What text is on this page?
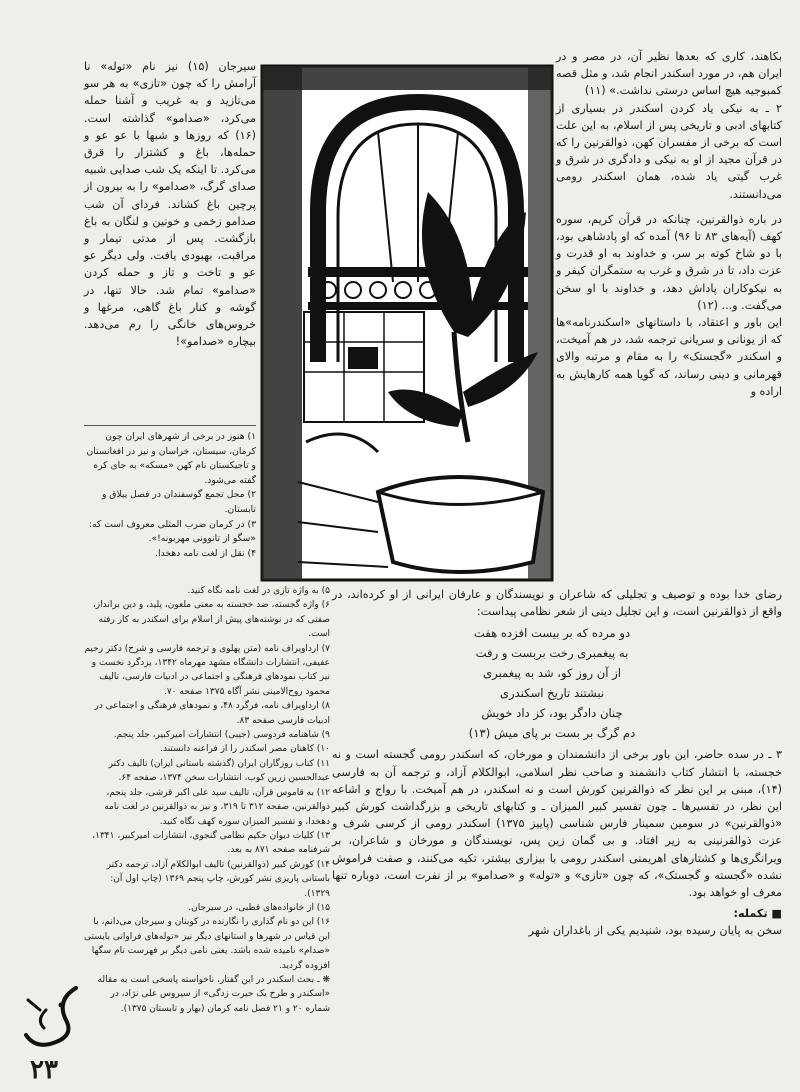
بکاهند، کاری که بعدها نظیر آن، در مصر و در ایران هم، در مورد اسکندر انجام شد، و مثل قصه کمبوجیه هیچ اساس درستی نداشت.» (۱۱)

۲ ـ به نیکی یاد کردن اسکندر در بسیاری از کتابهای ادبی و تاریخی پس از اسلام، به این علت است که برخی از مفسران کهن، ذوالقرنین را که در قرآن مجید از او به نیکی و دادگری در شرق و غرب گیتی یاد شده، همان اسکندر رومی می‌دانستند.

در باره ذوالقرنین، چنانکه در قرآن کریم، سوره کهف (آیه‌های ۸۳ تا ۹۶) آمده که او پادشاهی بود، با دو شاخ کوته بر سر، و خداوند به او قدرت و عزت داد، تا در شرق و غرب به ستمگران کیفر و به نیکوکاران پاداش دهد، و خداوند با او سخن می‌گفت. و... (۱۲)

این باور و اعتقاد، با داستانهای «اسکندرنامه»ها که از یونانی و سریانی ترجمه شد، در هم آمیخت، و اسکندر «گجستک» را به مقام و مرتبه والای قهرمانی و دینی رساند، که گویا همه کارهایش به اراده و

سیرجان (۱۵) نیز نام «توله» نا آرامش را که چون «تازی» به هر سو می‌تازید و به غریب و آشنا حمله می‌کرد، «صدامو» گذاشته است. (۱۶) که روزها و شبها با عو عو و حمله‌ها، باغ و کشتزار را قرق می‌کرد. تا اینکه یک شب صدایی شبیه صدای گرگ، «صدامو» را به بیرون از پرچین باغ کشاند. فردای آن شب صدامو زخمی و خونین و لنگان به باغ بازگشت. پس از مدتی تیمار و مراقبت، بهبودی یافت. ولی دیگر عو عو و تاخت و تاز و حمله کردن «صدامو» تمام شد. حالا تنها، در گوشه و کنار باغ گاهی، مرغها و خروس‌های خانگی را رم می‌دهد. بیچاره «صدامو»!

۱) هنوز در برخی از شهرهای ایران چون کرمان، سیستان، خراسان و نیز در افغانستان و تاجیکستان نام کهن «مسکه» به جای کره گفته می‌شود.

۲) محل تجمع گوسفندان در فصل ییلاق و تابستان.

۳) در کرمان ضرب المثلی معروف است که: «سگو از تانوونی مهربونه!».

۴) نقل از لغت نامه دهخدا.

رضای خدا بوده و توصیف و تجلیلی که شاعران و نویسندگان و عارفان ایرانی از او کرده‌اند، در واقع از ذوالقرنین است، و این تجلیل دینی از شعر نظامی پیداست:

دو مرده که بر بیست افزده هفت
به پیغمبری رخت بربست و رفت
از آن روز کو، شد به پیغمبری
نبشتند تاریخ اسکندری
چنان دادگر بود، کز داد خویش
دم گرگ بر بست بر پای میش (۱۳)

۳ ـ در سده حاضر، این باور برخی از دانشمندان و مورخان، که اسکندر رومی گجسته است و نه خجسته، با انتشار کتاب دانشمند و صاحب نظر اسلامی، ابوالکلام آزاد، و ترجمه آن به فارسی (۱۴)، مبنی بر این نظر که ذوالقرنین کورش است و نه اسکندر، در هم آمیخت. با رواج و اشاعه این نظر، در تفسیرها ـ چون تفسیر کبیر المیزان ـ و کتابهای تاریخی و بزرگداشت کورش کبیر «ذوالقرنین» در سومین سمینار فارس شناسی (پاییز ۱۳۷۵) اسکندر رومی از کرسی شرف و عزت ذوالقرنینی به زیر افتاد. و بی گمان زین پس، نویسندگان و مورخان و شاعران، بر ویرانگری‌ها و کشتارهای اهریمنی اسکندر رومی با بیزاری بیشتر، تکیه می‌کنند، و صفت فراموش نشده «گجسته و گجستک»، که چون «تازی» و «توله» و «صدامو» بر از نفرت است، دوباره تنها معرف او خواهد بود.

■ تکمله:

سخن به پایان رسیده بود، شنیدیم یکی از باغداران شهر

۵) به واژه تازی در لغت نامه نگاه کنید.

۶) واژه گجسته، ضد خجسته به معنی ملعون، پلید، و دین برانداز، صفتی که در نوشته‌های پیش از اسلام برای اسکندر به کار رفته است.

۷) ارداویراف نامه (متن پهلوی و ترجمه فارسی و شرح) دکتر رحیم عفیفی، انتشارات دانشگاه مشهد مهرماه ۱۳۴۲، یزدگرد نخست و نیز کتاب نمودهای فرهنگی و اجتماعی در ادبیات فارسی، تالیف محمود روح‌الامینی نشر آگاه ۱۳۷۵ صفحه ۷۰.

۸) ارداویراف نامه، فرگرد ۴۸، و نمودهای فرهنگی و اجتماعی در ادبیات فارسی صفحه ۸۳.

۹) شاهنامه فردوسی (جیبی) انتشارات امیرکبیر، جلد پنجم.

۱۰) کاهنان مصر اسکندر را از فراعنه دانستند.

۱۱) کتاب روزگاران ایران (گذشته باستانی ایران) تالیف دکتر عبدالحسین زرین کوب، انتشارات سخن ۱۳۷۴، صفحه ۶۴.

۱۲) به قاموس قرآن، تالیف سید علی اکبر قرشی، جلد پنجم، ذوالقرنین، صفحه ۳۱۲ تا ۳۱۹، و نیز به ذوالقرنین در لغت نامه دهخدا، و تفسیر المیزان سوره کهف نگاه کنید.

۱۳) کلیات دیوان حکیم نظامی گنجوی، انتشارات امیرکبیر، ۱۳۴۱، شرفنامه صفحه ۸۷۱ به بعد.

۱۴) کورش کبیر (ذوالقرنین) تالیف ابوالکلام آزاد، ترجمه دکتر باستانی پاریزی نشر کورش، چاپ پنجم ۱۳۶۹ (چاپ اول آن: ۱۳۲۹).

۱۵) از خانواده‌های قطبی، در سیرجان.

۱۶) این دو نام گذاری را نگارنده در کوبنان و سیرجان می‌دانم، با این قیاس در شهرها و استانهای دیگر نیز «توله‌های فراوانی بایستی «صدام» نامیده شده باشد. یعنی نامی دیگر بر فهرست نام سگها افزوده گردید.

❋ ـ بحث اسکندر در این گفتار، ناخواسته پاسخی است به مقاله «اسکندر و طرح یک حیرت زدگی» از سیروس علی نژاد، در شماره ۲۰ و ۲۱ فصل نامه کرمان (بهار و تابستان ۱۳۷۵).

۲۳
